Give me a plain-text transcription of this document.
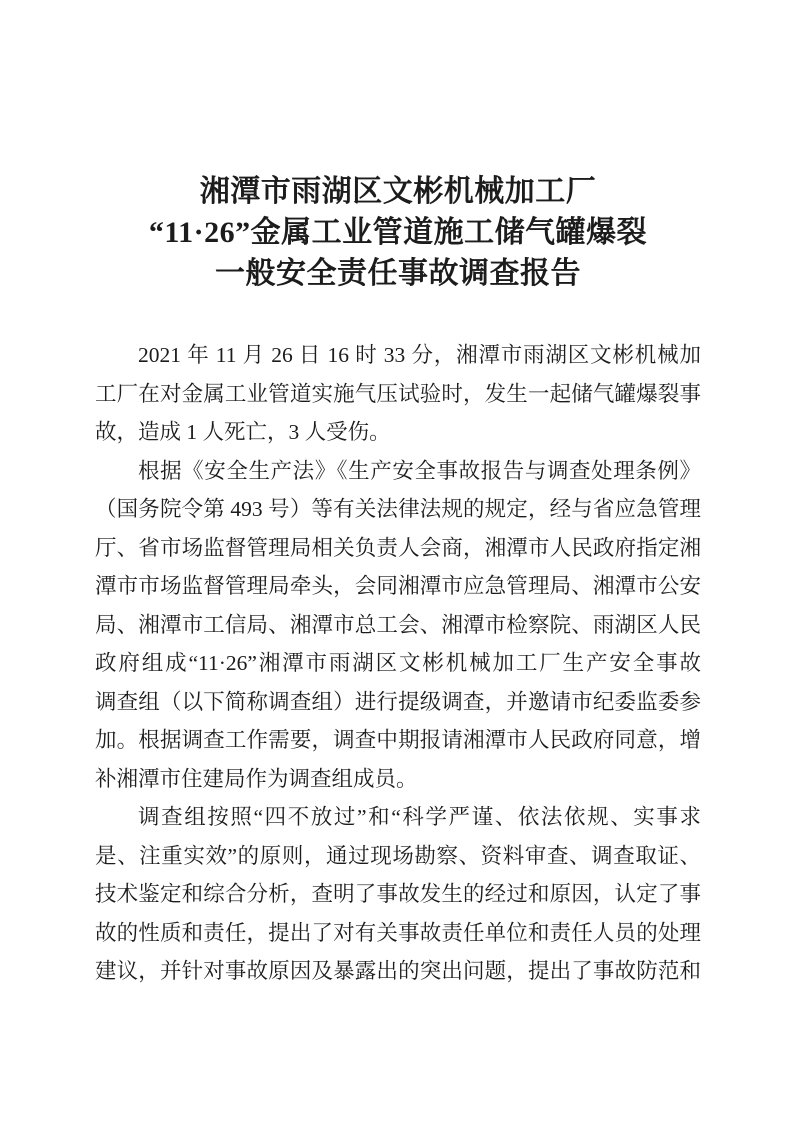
湘潭市雨湖区文彬机械加工厂
“11·26”金属工业管道施工储气罐爆裂
一般安全责任事故调查报告
2021 年 11 月 26 日 16 时 33 分，湘潭市雨湖区文彬机械加
工厂在对金属工业管道实施气压试验时，发生一起储气罐爆裂事
故，造成 1 人死亡，3 人受伤。
根据《安全生产法》《生产安全事故报告与调查处理条例》
（国务院令第 493 号）等有关法律法规的规定，经与省应急管理
厅、省市场监督管理局相关负责人会商，湘潭市人民政府指定湘
潭市市场监督管理局牵头，会同湘潭市应急管理局、湘潭市公安
局、湘潭市工信局、湘潭市总工会、湘潭市检察院、雨湖区人民
政府组成“11·26”湘潭市雨湖区文彬机械加工厂生产安全事故
调查组（以下简称调查组）进行提级调查，并邀请市纪委监委参
加。根据调查工作需要，调查中期报请湘潭市人民政府同意，增
补湘潭市住建局作为调查组成员。
调查组按照“四不放过”和“科学严谨、依法依规、实事求
是、注重实效”的原则，通过现场勘察、资料审查、调查取证、
技术鉴定和综合分析，查明了事故发生的经过和原因，认定了事
故的性质和责任，提出了对有关事故责任单位和责任人员的处理
建议，并针对事故原因及暴露出的突出问题，提出了事故防范和
